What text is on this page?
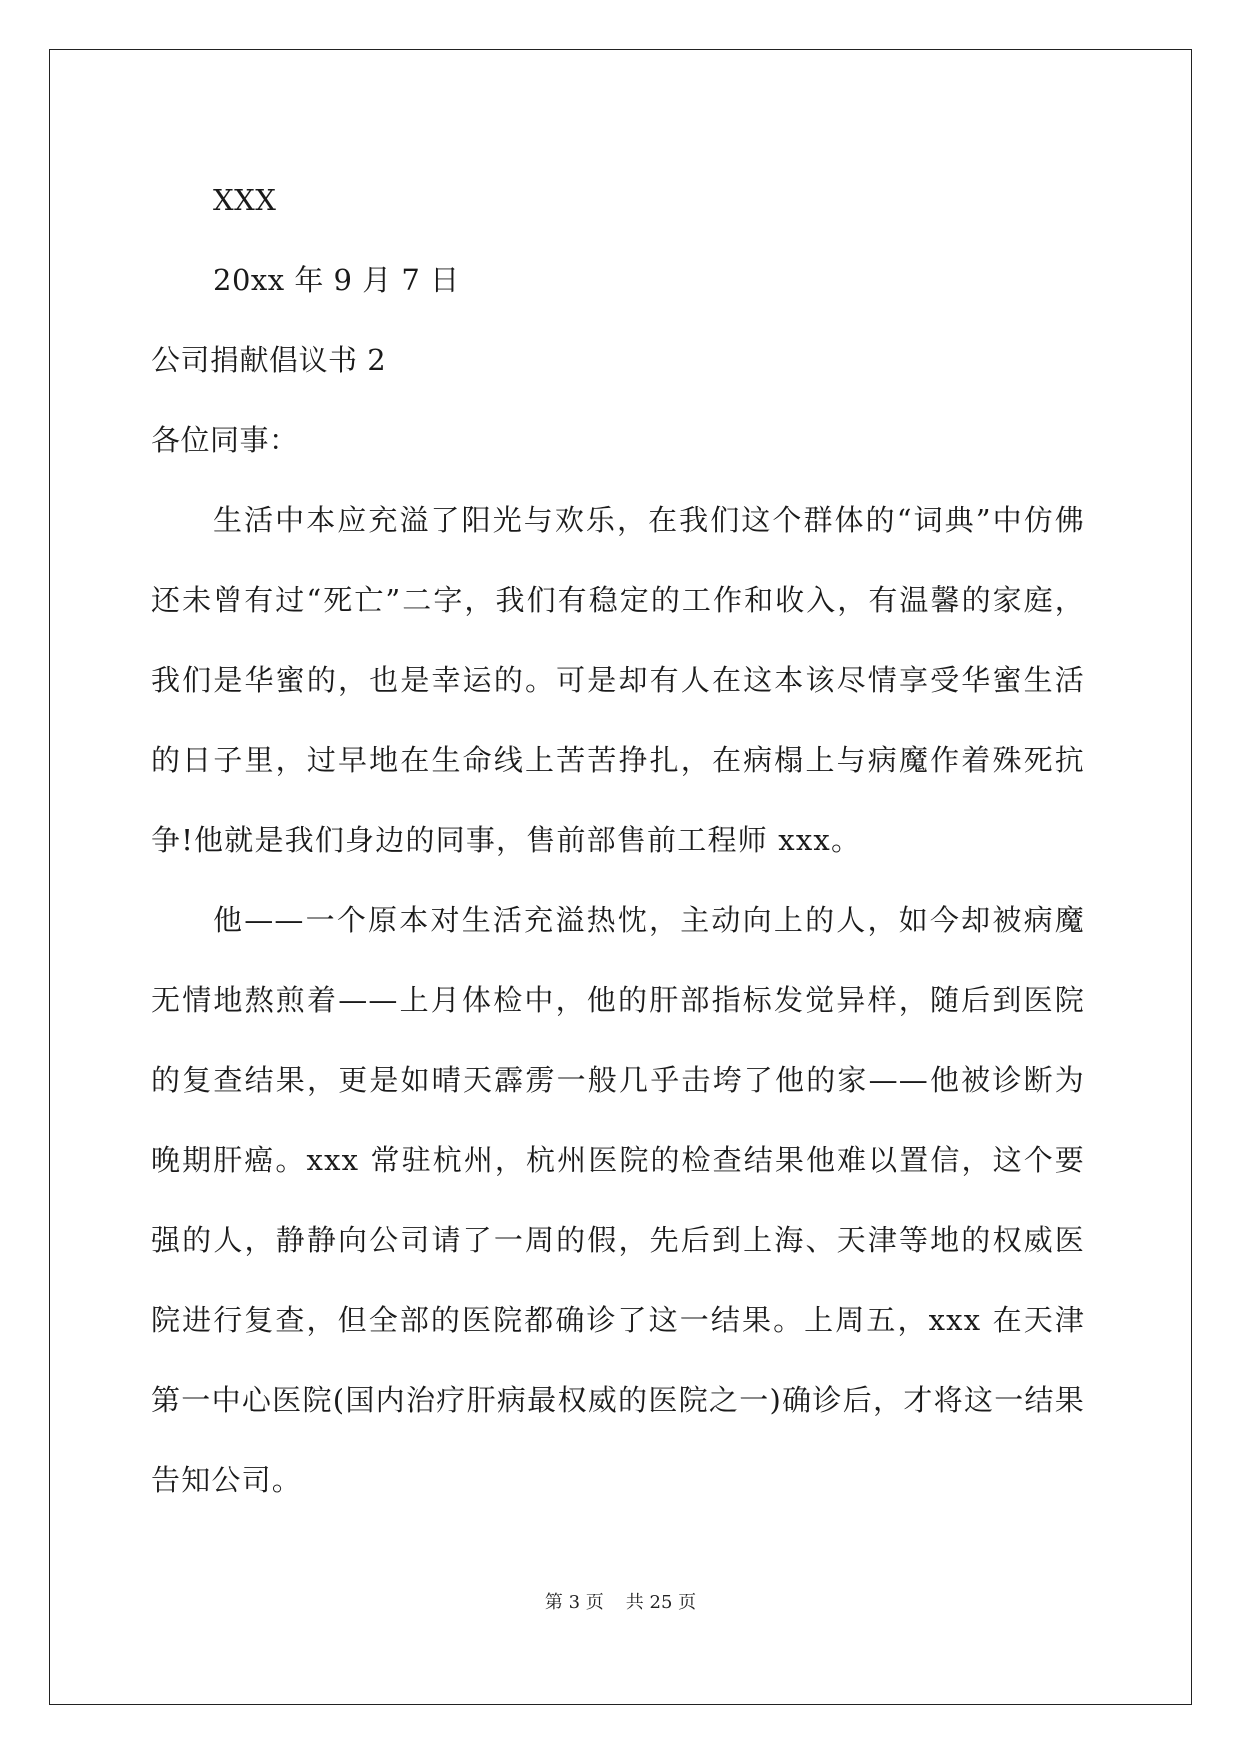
XXX
20xx 年 9 月 7 日
公司捐献倡议书 2
各位同事：
生活中本应充溢了阳光与欢乐，在我们这个群体的“词典”中仿佛还未曾有过“死亡”二字，我们有稳定的工作和收入，有温馨的家庭，我们是华蜜的，也是幸运的。可是却有人在这本该尽情享受华蜜生活的日子里，过早地在生命线上苦苦挣扎，在病榻上与病魔作着殊死抗争!他就是我们身边的同事，售前部售前工程师 xxx。
他——一个原本对生活充溢热忱，主动向上的人，如今却被病魔无情地熬煎着——上月体检中，他的肝部指标发觉异样，随后到医院的复查结果，更是如晴天霹雳一般几乎击垮了他的家——他被诊断为晚期肝癌。xxx 常驻杭州，杭州医院的检查结果他难以置信，这个要强的人，静静向公司请了一周的假，先后到上海、天津等地的权威医院进行复查，但全部的医院都确诊了这一结果。上周五，xxx 在天津第一中心医院(国内治疗肝病最权威的医院之一)确诊后，才将这一结果告知公司。
第 3 页 共 25 页
